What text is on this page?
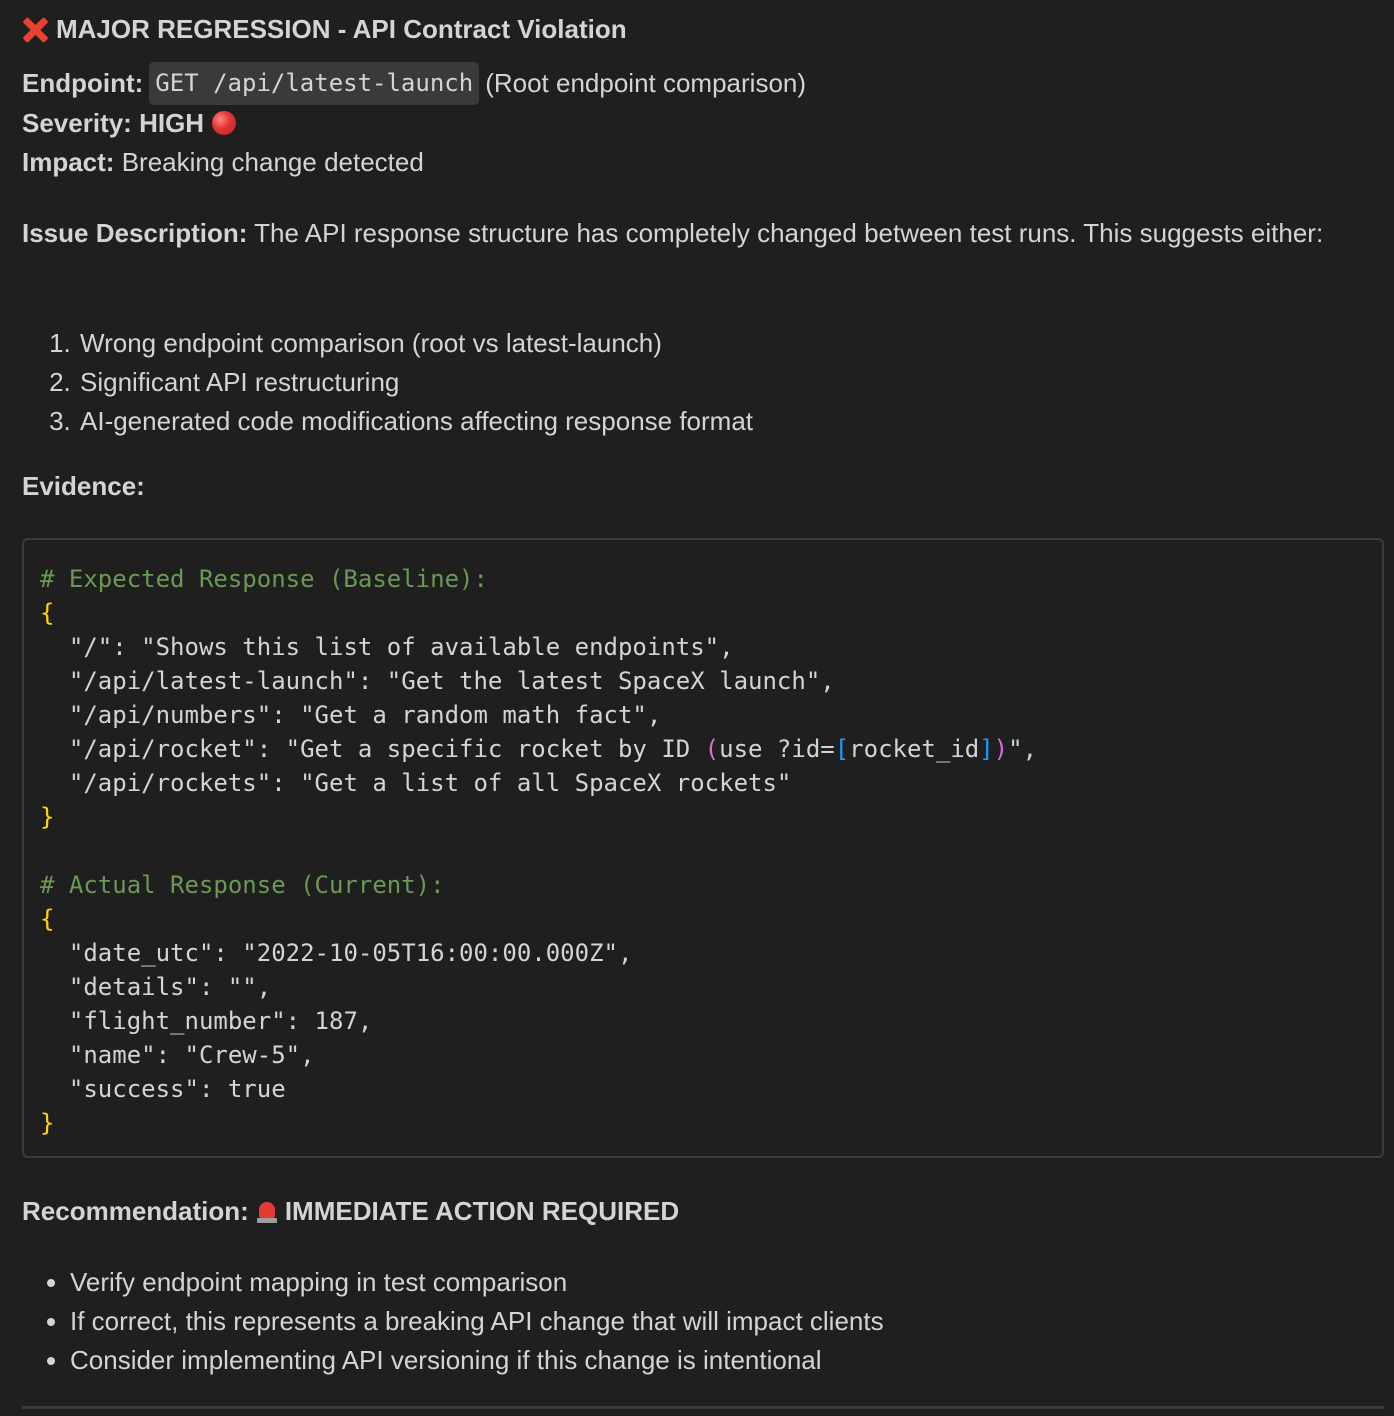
MAJOR REGRESSION - API Contract Violation
Endpoint: GET /api/latest-launch (Root endpoint comparison)
Severity: HIGH
Impact:
Breaking change detected
Issue Description: The API response structure has completely changed between test runs. This suggests either:
1. Wrong endpoint comparison (root vs latest-launch)
2. Significant API restructuring
3. AI-generated code modifications affecting response format
Evidence:
# Expected Response (Baseline):
{
"/": "Shows this list of available endpoints",
"/api/latest-launch": "Get the latest SpaceX launch",
"/api/numbers": "Get a random math fact",
"/api/rocket": "Get a specific rocket by ID (use ?id=[rocket_id])",
"/api/rockets": "Get a list of all SpaceX rockets"
}

# Actual Response (Current):
{
"date_utc": "2022-10-05T16:00:00.000Z",
"details": "",
"flight_number": 187,
"name": "Crew-5",
"success": true
}
Recommendation: IMMEDIATE ACTION REQUIRED
• Verify endpoint mapping in test comparison
• If correct, this represents a breaking API change that will impact clients
• Consider implementing API versioning if this change is intentional
